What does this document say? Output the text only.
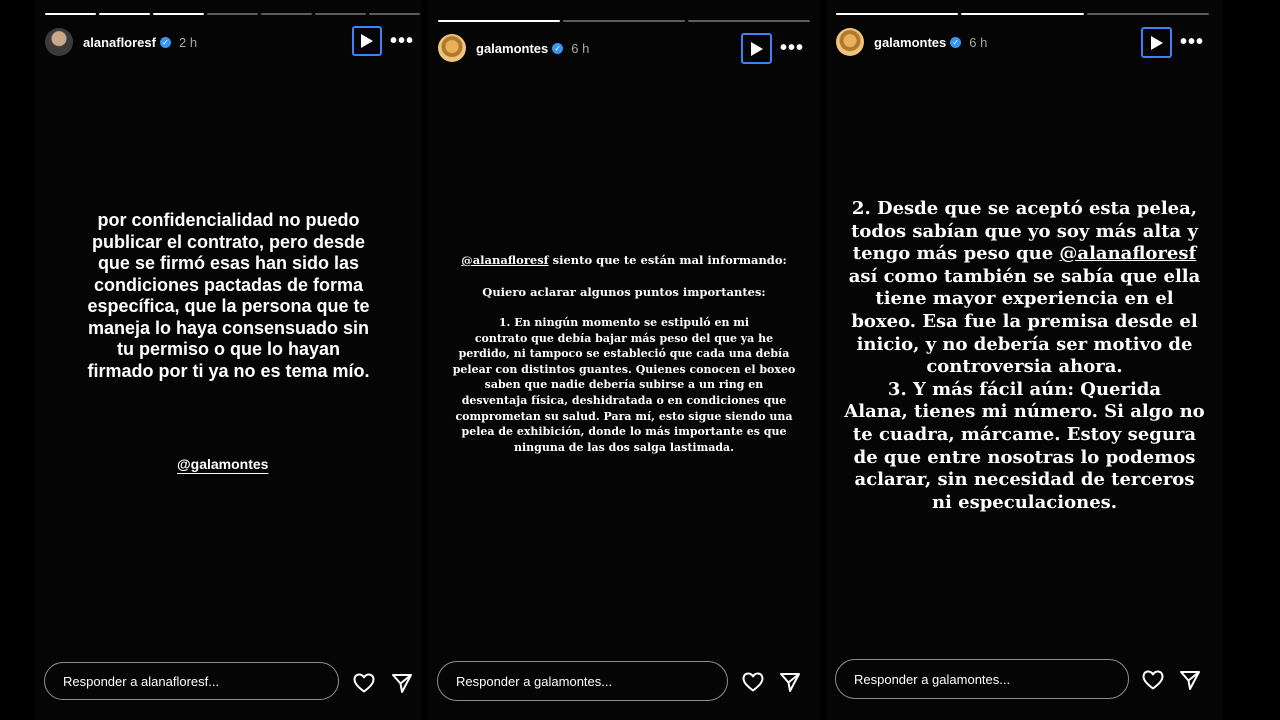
alanafloresf ✓ 2 h	•••
por confidencialidad no puedo
publicar el contrato, pero desde
que se firmó esas han sido las
condiciones pactadas de forma
específica, que la persona que te
maneja lo haya consensuado sin
tu permiso o que lo hayan
firmado por ti ya no es tema mío.
@galamontes
Responder a alanafloresf...
galamontes ✓ 6 h	•••
@alanafloresf siento que te están mal informando:
Quiero aclarar algunos puntos importantes:
1. En ningún momento se estipuló en mi
contrato que debía bajar más peso del que ya he
perdido, ni tampoco se estableció que cada una debía
pelear con distintos guantes. Quienes conocen el boxeo
saben que nadie debería subirse a un ring en
desventaja física, deshidratada o en condiciones que
comprometan su salud. Para mí, esto sigue siendo una
pelea de exhibición, donde lo más importante es que
ninguna de las dos salga lastimada.
Responder a galamontes...
galamontes ✓ 6 h	•••
2. Desde que se aceptó esta pelea,
todos sabían que yo soy más alta y
tengo más peso que @alanafloresf
así como también se sabía que ella
tiene mayor experiencia en el
boxeo. Esa fue la premisa desde el
inicio, y no debería ser motivo de
controversia ahora.
3. Y más fácil aún: Querida
Alana, tienes mi número. Si algo no
te cuadra, márcame. Estoy segura
de que entre nosotras lo podemos
aclarar, sin necesidad de terceros
ni especulaciones.
Responder a galamontes...
